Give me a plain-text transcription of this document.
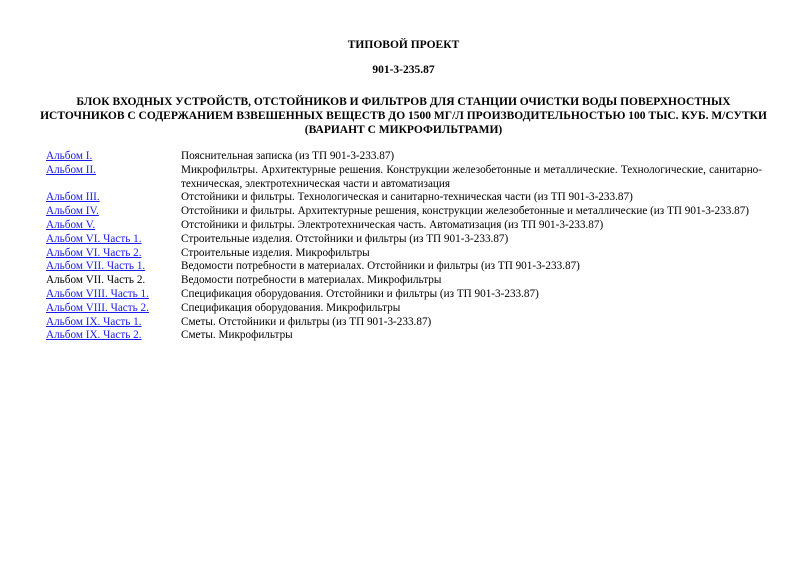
ТИПОВОЙ ПРОЕКТ
901-3-235.87
БЛОК ВХОДНЫХ УСТРОЙСТВ, ОТСТОЙНИКОВ И ФИЛЬТРОВ ДЛЯ СТАНЦИИ ОЧИСТКИ ВОДЫ ПОВЕРХНОСТНЫХ ИСТОЧНИКОВ С СОДЕРЖАНИЕМ ВЗВЕШЕННЫХ ВЕЩЕСТВ ДО 1500 МГ/Л ПРОИЗВОДИТЕЛЬНОСТЬЮ 100 ТЫС. КУБ. М/СУТКИ (ВАРИАНТ С МИКРОФИЛЬТРАМИ)
Альбом I.	Пояснительная записка (из ТП 901-3-233.87)
Альбом II.	Микрофильтры. Архитектурные решения. Конструкции железобетонные и металлические. Технологические, санитарно-техническая, электротехническая части и автоматизация
Альбом III.	Отстойники и фильтры. Технологическая и санитарно-техническая части (из ТП 901-3-233.87)
Альбом IV.	Отстойники и фильтры. Архитектурные решения, конструкции железобетонные и металлические (из ТП 901-3-233.87)
Альбом V.	Отстойники и фильтры. Электротехническая часть. Автоматизация (из ТП 901-3-233.87)
Альбом VI. Часть 1.	Строительные изделия. Отстойники и фильтры (из ТП 901-3-233.87)
Альбом VI. Часть 2.	Строительные изделия. Микрофильтры
Альбом VII. Часть 1.	Ведомости потребности в материалах. Отстойники и фильтры (из ТП 901-3-233.87)
Альбом VII. Часть 2.	Ведомости потребности в материалах. Микрофильтры
Альбом VIII. Часть 1.	Спецификация оборудования. Отстойники и фильтры (из ТП 901-3-233.87)
Альбом VIII. Часть 2.	Спецификация оборудования. Микрофильтры
Альбом IX. Часть 1.	Сметы. Отстойники и фильтры (из ТП 901-3-233.87)
Альбом IX. Часть 2.	Сметы. Микрофильтры
